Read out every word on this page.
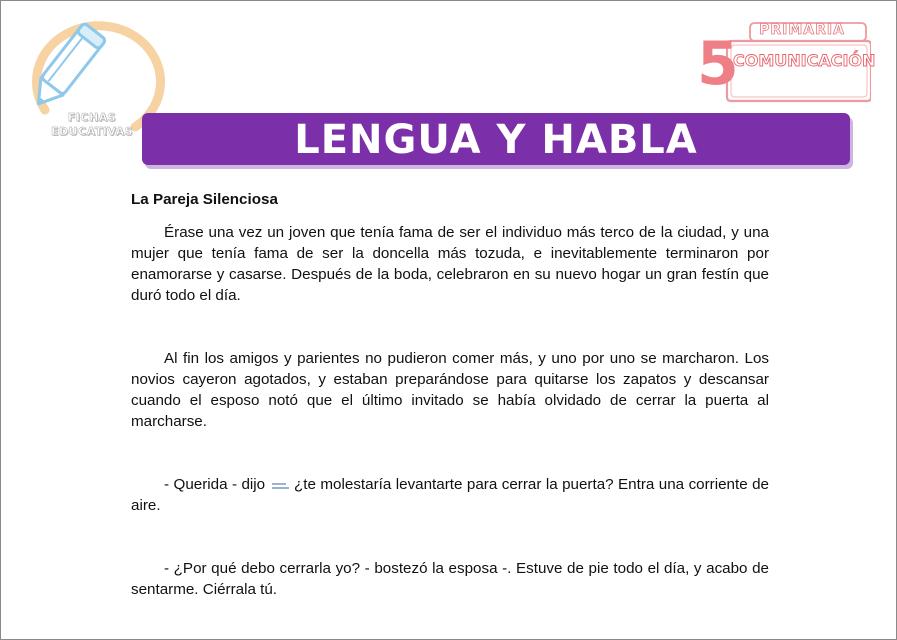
FICHAS EDUCATIVAS
PRIMARIA
5
COMUNICACIÓN
LENGUA Y HABLA
La Pareja Silenciosa

Érase una vez un joven que tenía fama de ser el individuo más terco de la ciudad, y una mujer que tenía fama de ser la doncella más tozuda, e inevitablemente terminaron por enamorarse y casarse. Después de la boda, celebraron en su nuevo hogar un gran festín que duró todo el día.

Al fin los amigos y parientes no pudieron comer más, y uno por uno se marcharon. Los novios cayeron agotados, y estaban preparándose para quitarse los zapatos y descansar cuando el esposo notó que el último invitado se había olvidado de cerrar la puerta al marcharse.

- Querida - dijo  ¿te molestaría levantarte para cerrar la puerta? Entra una corriente de aire.

- ¿Por qué debo cerrarla yo? - bostezó la esposa -. Estuve de pie todo el día, y acabo de sentarme. Ciérrala tú.
